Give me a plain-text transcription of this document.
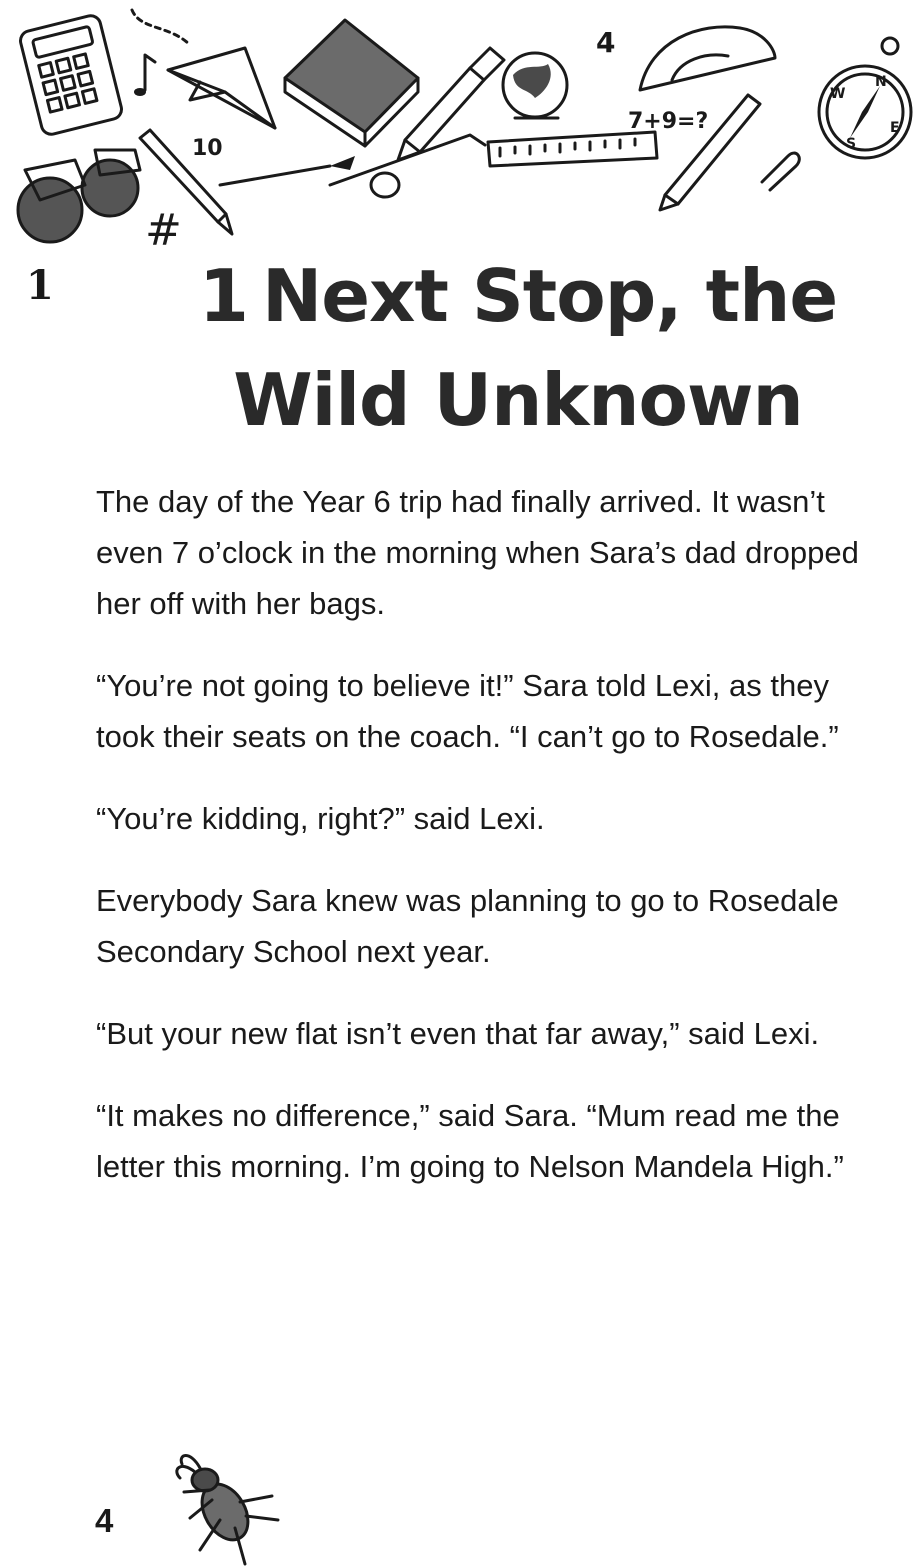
4
7+9=?
N
W
S
E
10
1
#
1 Next Stop, the
Wild Unknown

The day of the Year 6 trip had finally arrived. It wasn’t even 7 o’clock in the morning when Sara’s dad dropped her off with her bags.

“You’re not going to believe it!” Sara told Lexi, as they took their seats on the coach. “I can’t go to Rosedale.”

“You’re kidding, right?” said Lexi.

Everybody Sara knew was planning to go to Rosedale Secondary School next year.

“But your new flat isn’t even that far away,” said Lexi.

“It makes no difference,” said Sara. “Mum read me the letter this morning. I’m going to Nelson Mandela High.”

4
